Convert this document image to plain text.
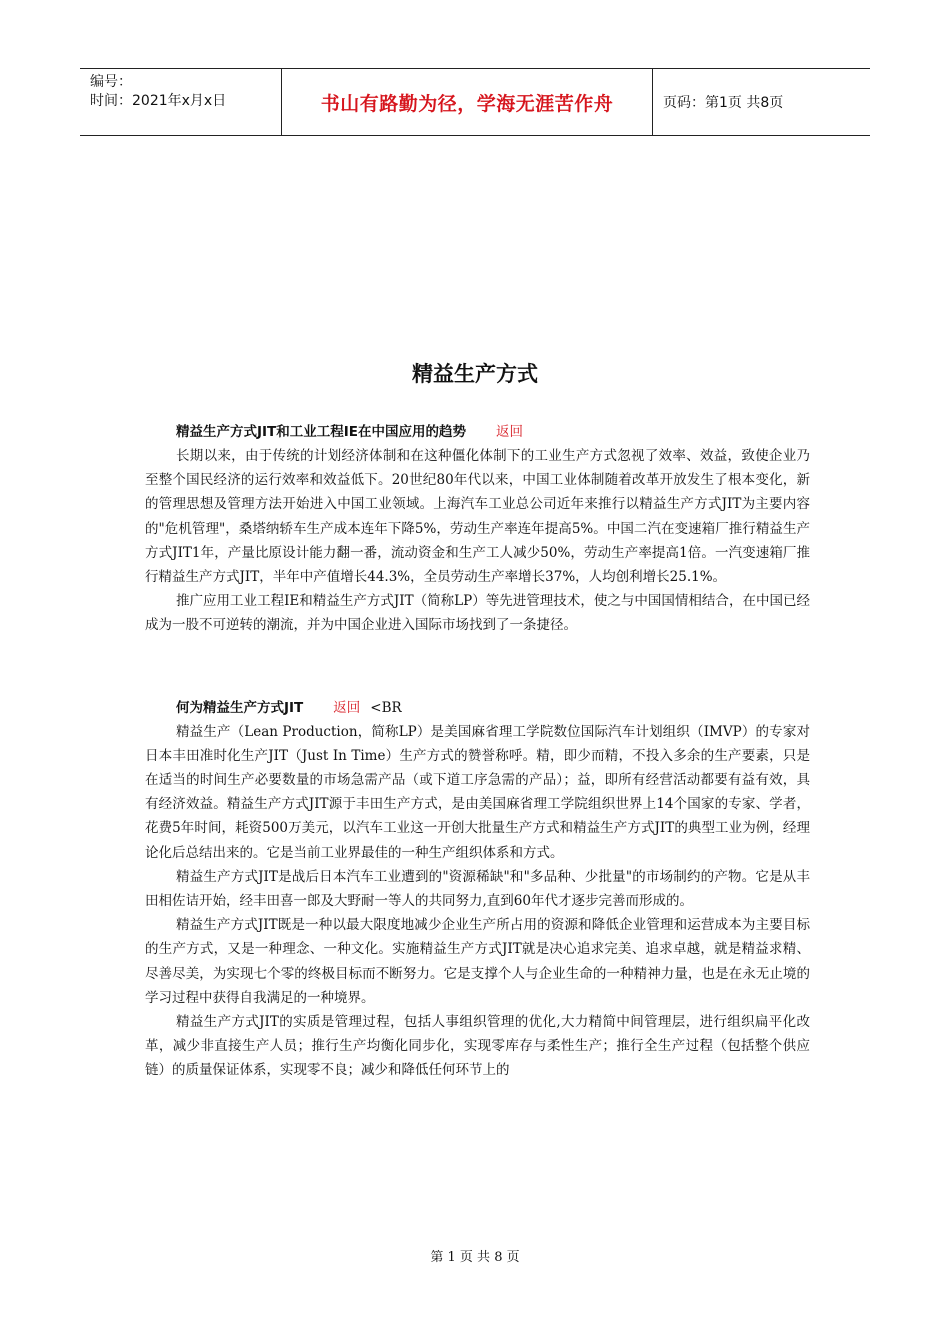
编号：
时间：2021年x月x日	书山有路勤为径，学海无涯苦作舟	页码：第1页 共8页
精益生产方式
精益生产方式JIT和工业工程IE在中国应用的趋势 返回

长期以来，由于传统的计划经济体制和在这种僵化体制下的工业生产方式忽视了效率、效益，致使企业乃至整个国民经济的运行效率和效益低下。20世纪80年代以来，中国工业体制随着改革开放发生了根本变化，新的管理思想及管理方法开始进入中国工业领域。上海汽车工业总公司近年来推行以精益生产方式JIT为主要内容的"危机管理"，桑塔纳轿车生产成本连年下降5%，劳动生产率连年提高5%。中国二汽在变速箱厂推行精益生产方式JIT1年，产量比原设计能力翻一番，流动资金和生产工人减少50%，劳动生产率提高1倍。一汽变速箱厂推行精益生产方式JIT，半年中产值增长44.3%，全员劳动生产率增长37%，人均创利增长25.1%。

推广应用工业工程IE和精益生产方式JIT（简称LP）等先进管理技术，使之与中国国情相结合，在中国已经成为一股不可逆转的潮流，并为中国企业进入国际市场找到了一条捷径。

何为精益生产方式JIT 返回 <BR

精益生产（Lean Production，简称LP）是美国麻省理工学院数位国际汽车计划组织（IMVP）的专家对日本丰田准时化生产JIT（Just In Time）生产方式的赞誉称呼。精，即少而精，不投入多余的生产要素，只是在适当的时间生产必要数量的市场急需产品（或下道工序急需的产品）；益，即所有经营活动都要有益有效，具有经济效益。精益生产方式JIT源于丰田生产方式，是由美国麻省理工学院组织世界上14个国家的专家、学者，花费5年时间，耗资500万美元，以汽车工业这一开创大批量生产方式和精益生产方式JIT的典型工业为例，经理论化后总结出来的。它是当前工业界最佳的一种生产组织体系和方式。

精益生产方式JIT是战后日本汽车工业遭到的"资源稀缺"和"多品种、少批量"的市场制约的产物。它是从丰田相佐诘开始，经丰田喜一郎及大野耐一等人的共同努力,直到60年代才逐步完善而形成的。

精益生产方式JIT既是一种以最大限度地减少企业生产所占用的资源和降低企业管理和运营成本为主要目标的生产方式，又是一种理念、一种文化。实施精益生产方式JIT就是决心追求完美、追求卓越，就是精益求精、尽善尽美，为实现七个零的终极目标而不断努力。它是支撑个人与企业生命的一种精神力量，也是在永无止境的学习过程中获得自我满足的一种境界。

精益生产方式JIT的实质是管理过程，包括人事组织管理的优化,大力精简中间管理层，进行组织扁平化改革，减少非直接生产人员；推行生产均衡化同步化，实现零库存与柔性生产；推行全生产过程（包括整个供应链）的质量保证体系，实现零不良；减少和降低任何环节上的

第 1 页 共 8 页
